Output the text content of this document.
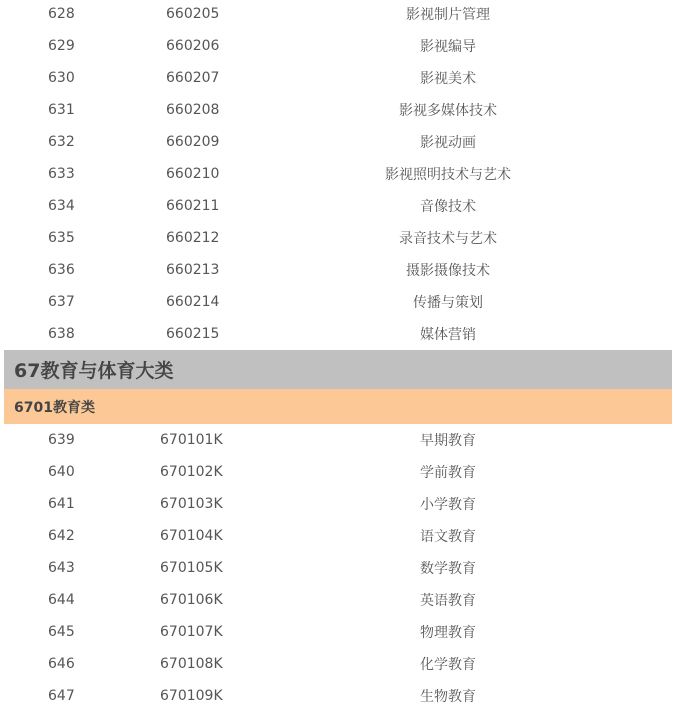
628	660205	影视制片管理
629	660206	影视编导
630	660207	影视美术
631	660208	影视多媒体技术
632	660209	影视动画
633	660210	影视照明技术与艺术
634	660211	音像技术
635	660212	录音技术与艺术
636	660213	摄影摄像技术
637	660214	传播与策划
638	660215	媒体营销
67教育与体育大类
6701教育类
639	670101K	早期教育
640	670102K	学前教育
641	670103K	小学教育
642	670104K	语文教育
643	670105K	数学教育
644	670106K	英语教育
645	670107K	物理教育
646	670108K	化学教育
647	670109K	生物教育
